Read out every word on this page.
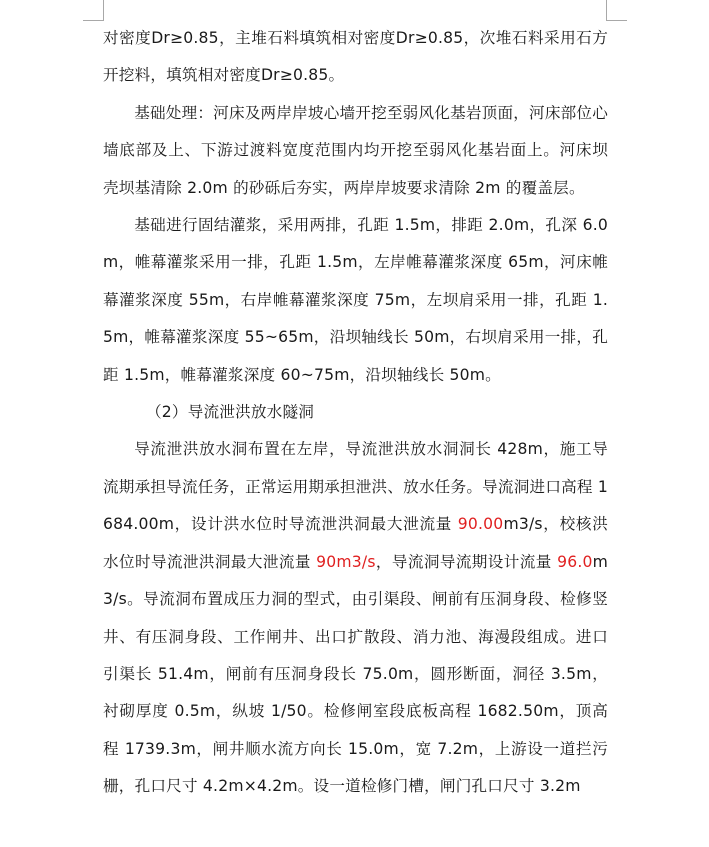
对密度Dr≥0.85，主堆石料填筑相对密度Dr≥0.85，次堆石料采用石方开挖料，填筑相对密度Dr≥0.85。

基础处理：河床及两岸岸坡心墙开挖至弱风化基岩顶面，河床部位心墙底部及上、下游过渡料宽度范围内均开挖至弱风化基岩面上。河床坝壳坝基清除 2.0m 的砂砾后夯实，两岸岸坡要求清除 2m 的覆盖层。

基础进行固结灌浆，采用两排，孔距 1.5m，排距 2.0m，孔深 6.0m，帷幕灌浆采用一排，孔距 1.5m，左岸帷幕灌浆深度 65m，河床帷幕灌浆深度 55m，右岸帷幕灌浆深度 75m，左坝肩采用一排，孔距 1.5m，帷幕灌浆深度 55~65m，沿坝轴线长 50m，右坝肩采用一排，孔距 1.5m，帷幕灌浆深度 60~75m，沿坝轴线长 50m。

（2）导流泄洪放水隧洞

导流泄洪放水洞布置在左岸，导流泄洪放水洞洞长 428m，施工导流期承担导流任务，正常运用期承担泄洪、放水任务。导流洞进口高程 1684.00m，设计洪水位时导流泄洪洞最大泄流量 90.00m3/s，校核洪水位时导流泄洪洞最大泄流量 90m3/s，导流洞导流期设计流量 96.0m3/s。导流洞布置成压力洞的型式，由引渠段、闸前有压洞身段、检修竖井、有压洞身段、工作闸井、出口扩散段、消力池、海漫段组成。进口引渠长 51.4m，闸前有压洞身段长 75.0m，圆形断面，洞径 3.5m，衬砌厚度 0.5m，纵坡 1/50。检修闸室段底板高程 1682.50m，顶高程 1739.3m，闸井顺水流方向长 15.0m，宽 7.2m，上游设一道拦污栅，孔口尺寸 4.2m×4.2m。设一道检修门槽，闸门孔口尺寸 3.2m
